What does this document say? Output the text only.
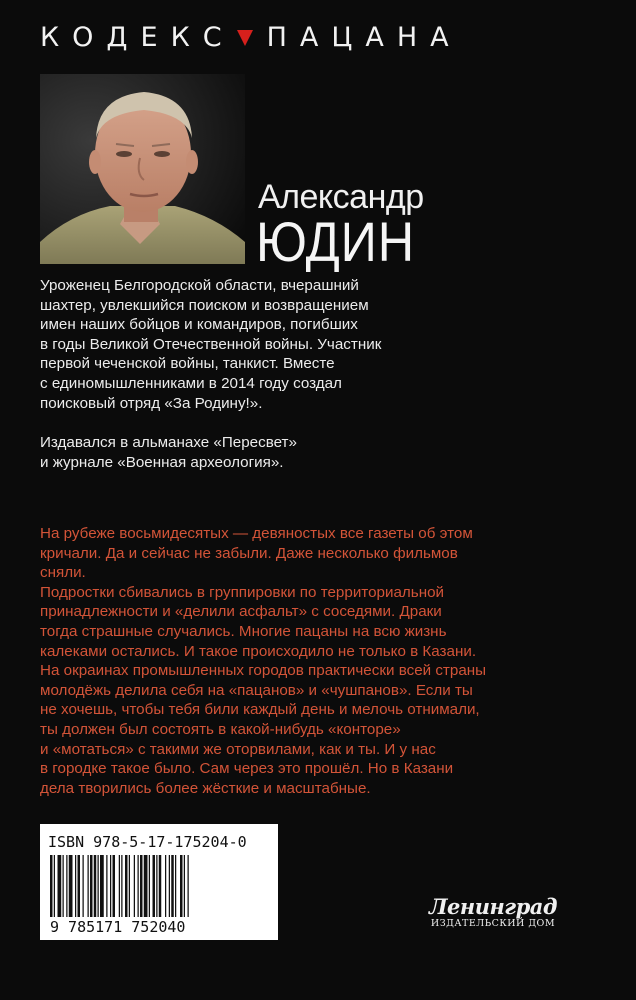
КОДЕКС ПАЦАНА
Александр
ЮДИН

Уроженец Белгородской области, вчерашний
шахтер, увлекшийся поиском и возвращением
имен наших бойцов и командиров, погибших
в годы Великой Отечественной войны. Участник
первой чеченской войны, танкист. Вместе
с единомышленниками в 2014 году создал
поисковый отряд «За Родину!».

Издавался в альманахе «Пересвет»
и журнале «Военная археология».

На рубеже восьмидесятых — девяностых все газеты об этом
кричали. Да и сейчас не забыли. Даже несколько фильмов
сняли.
Подростки сбивались в группировки по территориальной
принадлежности и «делили асфальт» с соседями. Драки
тогда страшные случались. Многие пацаны на всю жизнь
калеками остались. И такое происходило не только в Казани.
На окраинах промышленных городов практически всей страны
молодёжь делила себя на «пацанов» и «чушпанов». Если ты
не хочешь, чтобы тебя били каждый день и мелочь отнимали,
ты должен был состоять в какой-нибудь «конторе»
и «мотаться» с такими же оторвилами, как и ты. И у нас
в городке такое было. Сам через это прошёл. Но в Казани
дела творились более жёсткие и масштабные.

ISBN 978-5-17-175204-0
9 785171 752040
Ленинград
ИЗДАТЕЛЬСКИЙ ДОМ
